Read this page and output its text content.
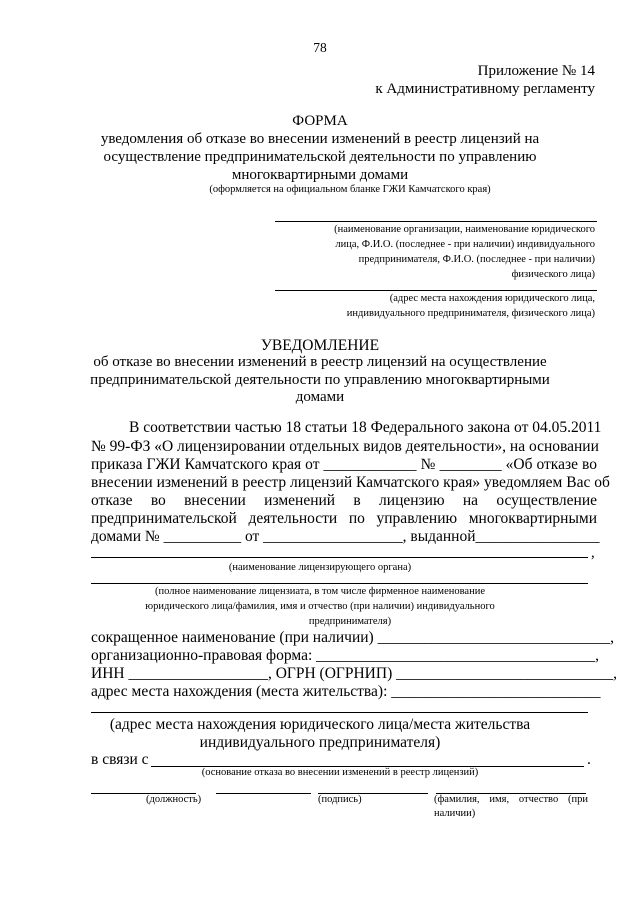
78
Приложение № 14
к Административному регламенту
ФОРМА
уведомления об отказе во внесении изменений в реестр лицензий на
осуществление предпринимательской деятельности по управлению
многоквартирными домами
(оформляется на официальном бланке ГЖИ Камчатского края)
(наименование организации, наименование юридического
лица, Ф.И.О. (последнее - при наличии) индивидуального
предпринимателя, Ф.И.О. (последнее - при наличии)
физического лица)
(адрес места нахождения юридического лица,
индивидуального предпринимателя, физического лица)
УВЕДОМЛЕНИЕ
об отказе во внесении изменений в реестр лицензий на осуществление
предпринимательской деятельности по управлению многоквартирными
домами
В соответствии частью 18 статьи 18 Федерального закона от 04.05.2011
№ 99-ФЗ «О лицензировании отдельных видов деятельности», на основании
приказа ГЖИ Камчатского края от ____________ № ________ «Об отказе во
внесении изменений в реестр лицензий Камчатского края» уведомляем Вас об
отказе во внесении изменений в лицензию на осуществление
предпринимательской деятельности по управлению многоквартирными
домами № __________ от __________________, выданной________________
,
(наименование лицензирующего органа)
(полное наименование лицензиата, в том числе фирменное наименование
юридического лица/фамилия, имя и отчество (при наличии) индивидуального
предпринимателя)
сокращенное наименование (при наличии) ______________________________,
организационно-правовая форма: ____________________________________,
ИНН __________________, ОГРН (ОГРНИП) ____________________________,
адрес места нахождения (места жительства): ___________________________
(адрес места нахождения юридического лица/места жительства
индивидуального предпринимателя)
в связи с	.
(основание отказа во внесении изменений в реестр лицензий)
(должность)	(подпись)	(фамилия, имя, отчество (при
наличии)
